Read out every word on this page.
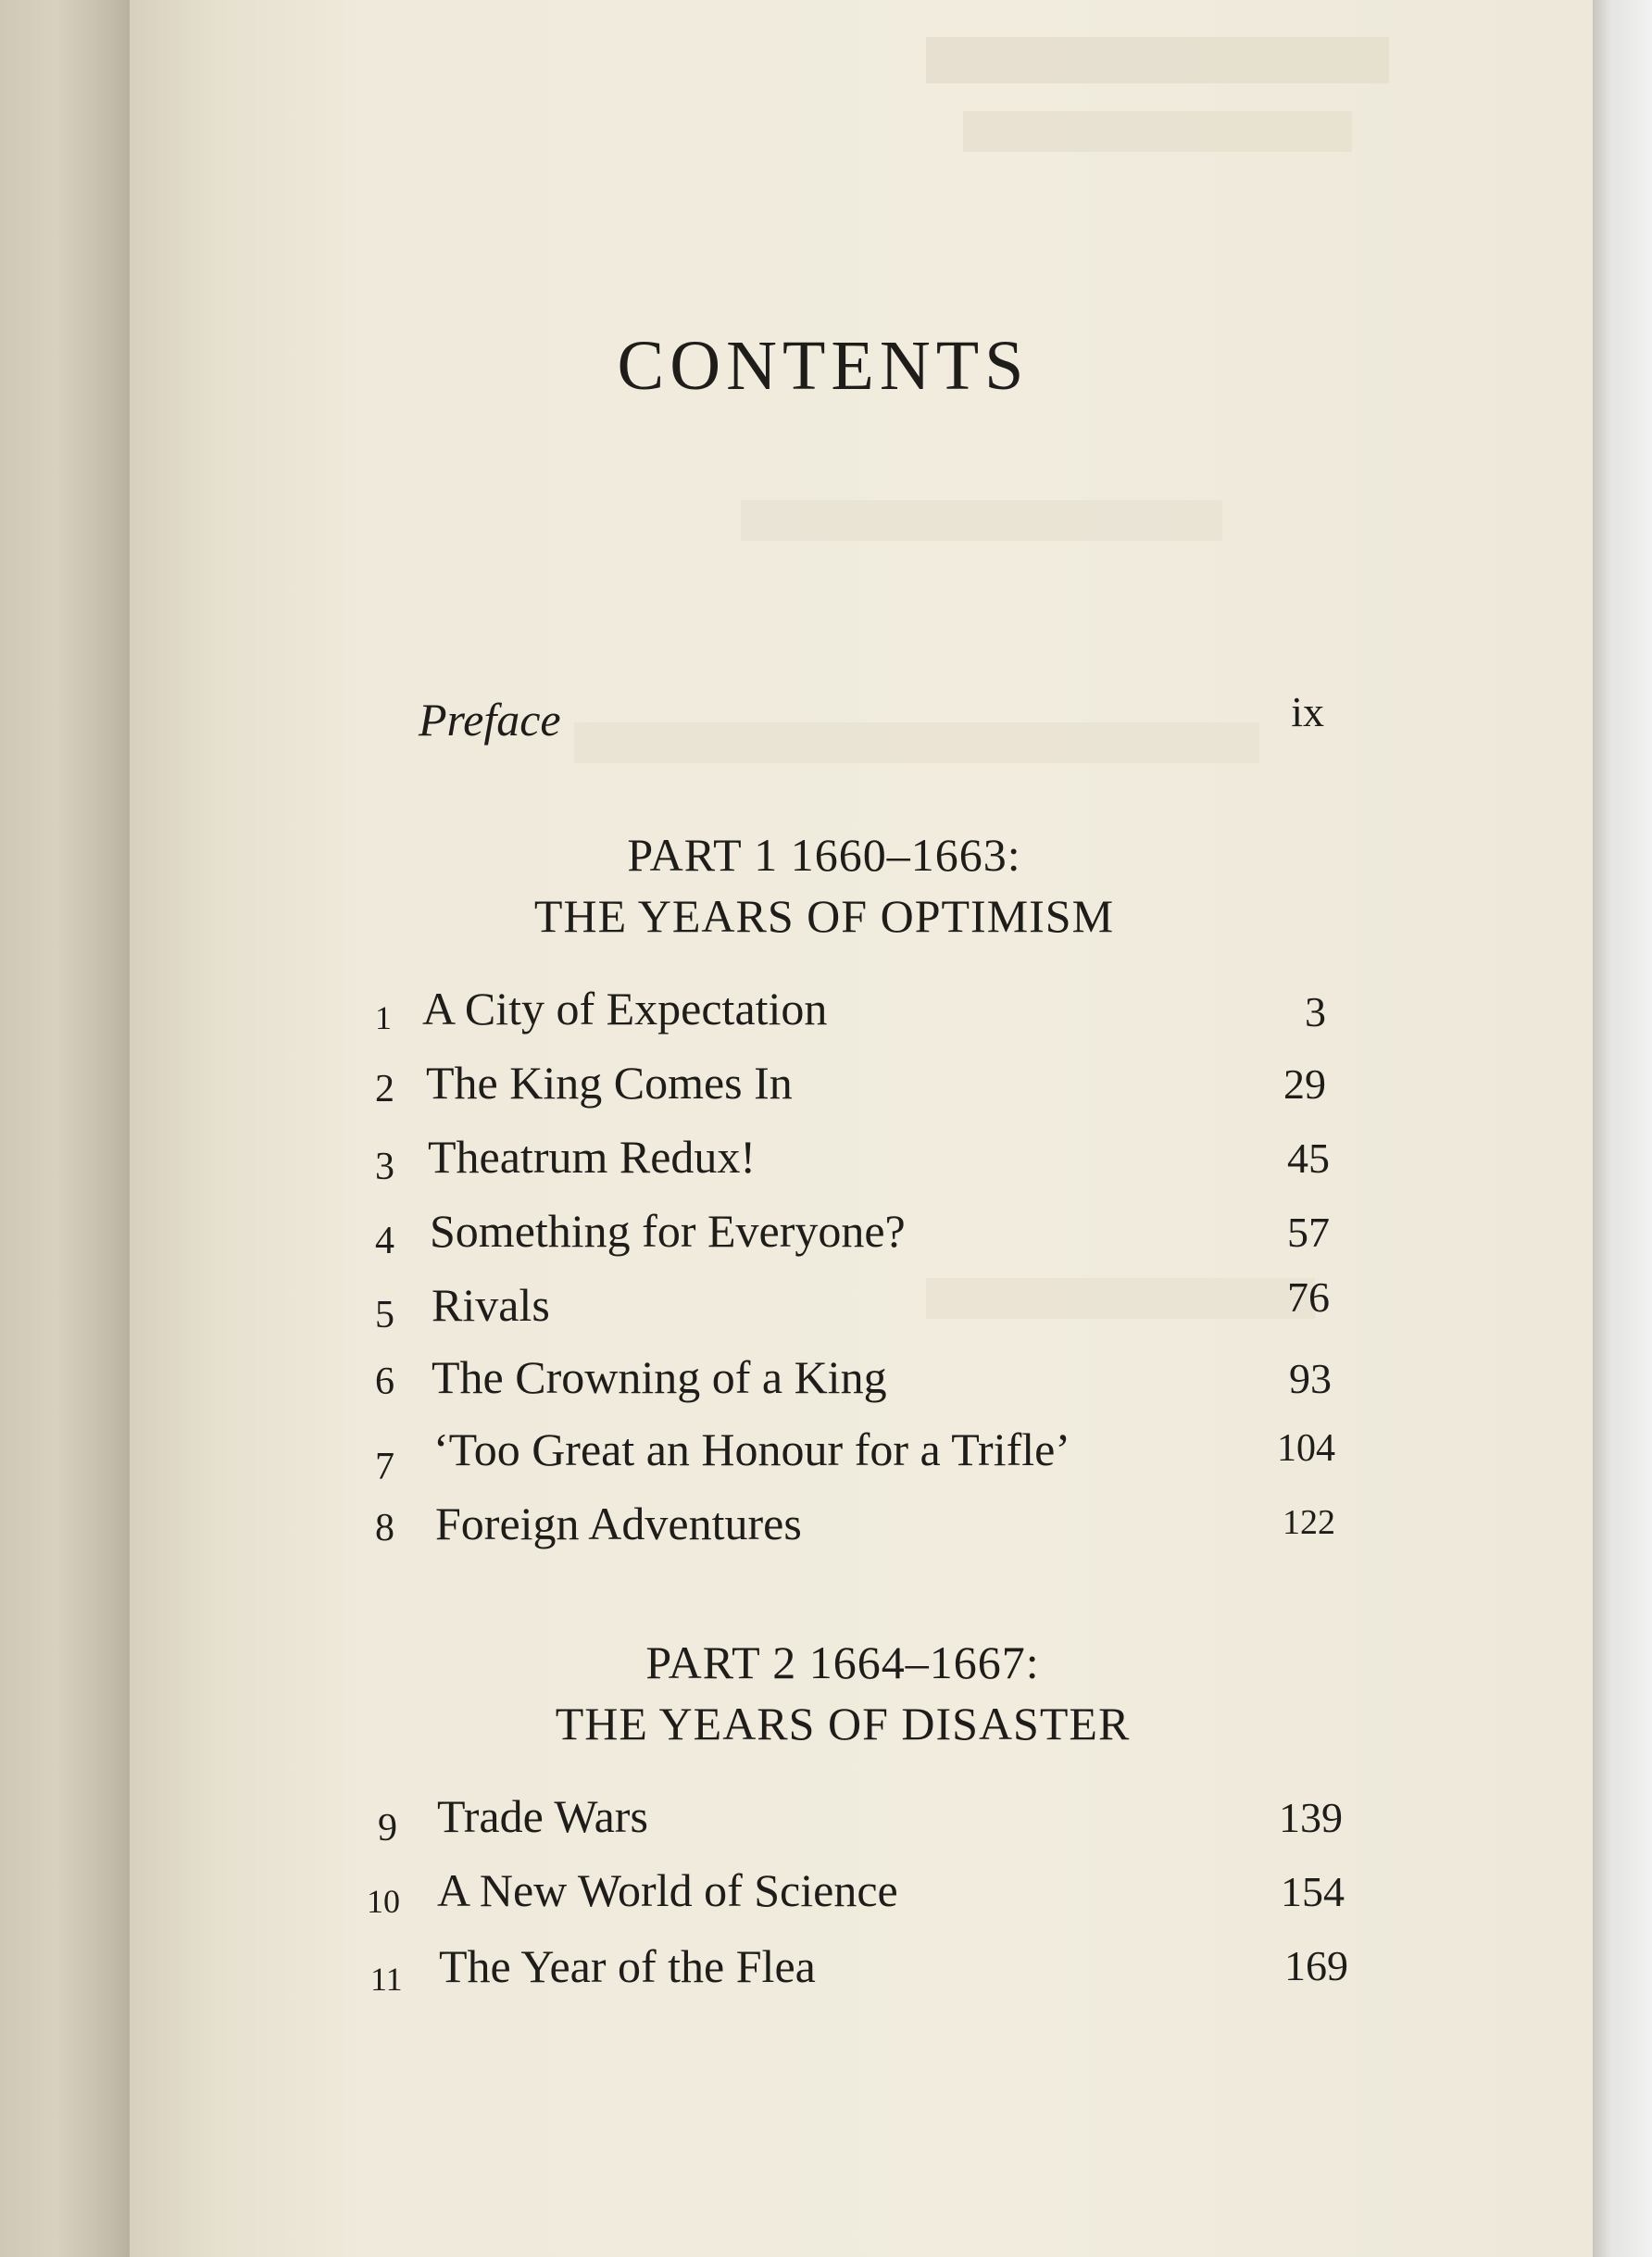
CONTENTS
Preface	ix
PART 1 1660–1663:
THE YEARS OF OPTIMISM
1 A City of Expectation	3
2 The King Comes In	29
3 Theatrum Redux!	45
4 Something for Everyone?	57
5 Rivals	76
6 The Crowning of a King	93
7 ‘Too Great an Honour for a Trifle’	104
8 Foreign Adventures	122
PART 2 1664–1667:
THE YEARS OF DISASTER
9 Trade Wars	139
10 A New World of Science	154
11 The Year of the Flea	169
